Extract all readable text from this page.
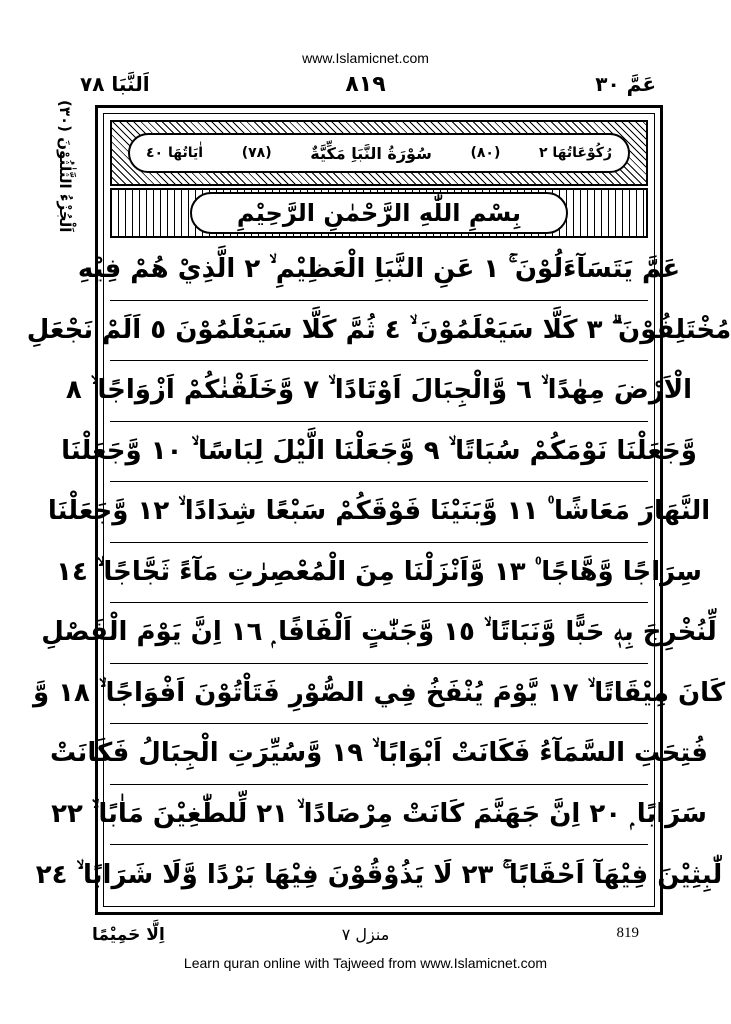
www.Islamicnet.com
اَلنَّبَا ٧٨	٨١٩	عَمَّ ٣٠
اَلْجُزْءُ الثَّلٰثُوْنَ (٣٠)	اٰيَاتُهَا ٤٠	(٧٨) سُوْرَةُ النَّبَاِ مَكِّيَّةٌ	(٨٠)	رُكُوْعَاتُهَا ٢
بِسْمِ اللّٰهِ الرَّحْمٰنِ الرَّحِيْمِ
عَمَّ يَتَسَآءَلُوْنَ ۚ ١ عَنِ النَّبَاِ الْعَظِيْمِ ۙ ٢ الَّذِيْ هُمْ فِيْهِ
مُخْتَلِفُوْنَ ۗ ٣ كَلَّا سَيَعْلَمُوْنَ ۙ ٤ ثُمَّ كَلَّا سَيَعْلَمُوْنَ ٥ اَلَمْ نَجْعَلِ
الْاَرْضَ مِهٰدًا ۙ ٦ وَّالْجِبَالَ اَوْتَادًا ۙ ٧ وَّخَلَقْنٰكُمْ اَزْوَاجًا ۙ ٨
وَّجَعَلْنَا نَوْمَكُمْ سُبَاتًا ۙ ٩ وَّجَعَلْنَا الَّيْلَ لِبَاسًا ۙ ١٠ وَّجَعَلْنَا
النَّهَارَ مَعَاشًا ۠ ١١ وَّبَنَيْنَا فَوْقَكُمْ سَبْعًا شِدَادًا ۙ ١٢ وَّجَعَلْنَا
سِرَاجًا وَّهَّاجًا ۠ ١٣ وَّاَنْزَلْنَا مِنَ الْمُعْصِرٰتِ مَآءً ثَجَّاجًا ۙ ١٤
لِّنُخْرِجَ بِهٖ حَبًّا وَّنَبَاتًا ۙ ١٥ وَّجَنّٰتٍ اَلْفَافًا ۭ ١٦ اِنَّ يَوْمَ الْفَصْلِ
كَانَ مِيْقَاتًا ۙ ١٧ يَّوْمَ يُنْفَخُ فِي الصُّوْرِ فَتَاْتُوْنَ اَفْوَاجًا ۙ ١٨ وَّ
فُتِحَتِ السَّمَآءُ فَكَانَتْ اَبْوَابًا ۙ ١٩ وَّسُيِّرَتِ الْجِبَالُ فَكَانَتْ
سَرَابًا ۭ ٢٠ اِنَّ جَهَنَّمَ كَانَتْ مِرْصَادًا ۙ ٢١ لِّلطّٰغِيْنَ مَاٰبًا ۙ ٢٢
لّٰبِثِيْنَ فِيْهَآ اَحْقَابًا ۚ ٢٣ لَا يَذُوْقُوْنَ فِيْهَا بَرْدًا وَّلَا شَرَابًا ۙ ٢٤
اِلَّا حَمِيْمًا	منزل ٧	819
Learn quran online with Tajweed from www.Islamicnet.com
